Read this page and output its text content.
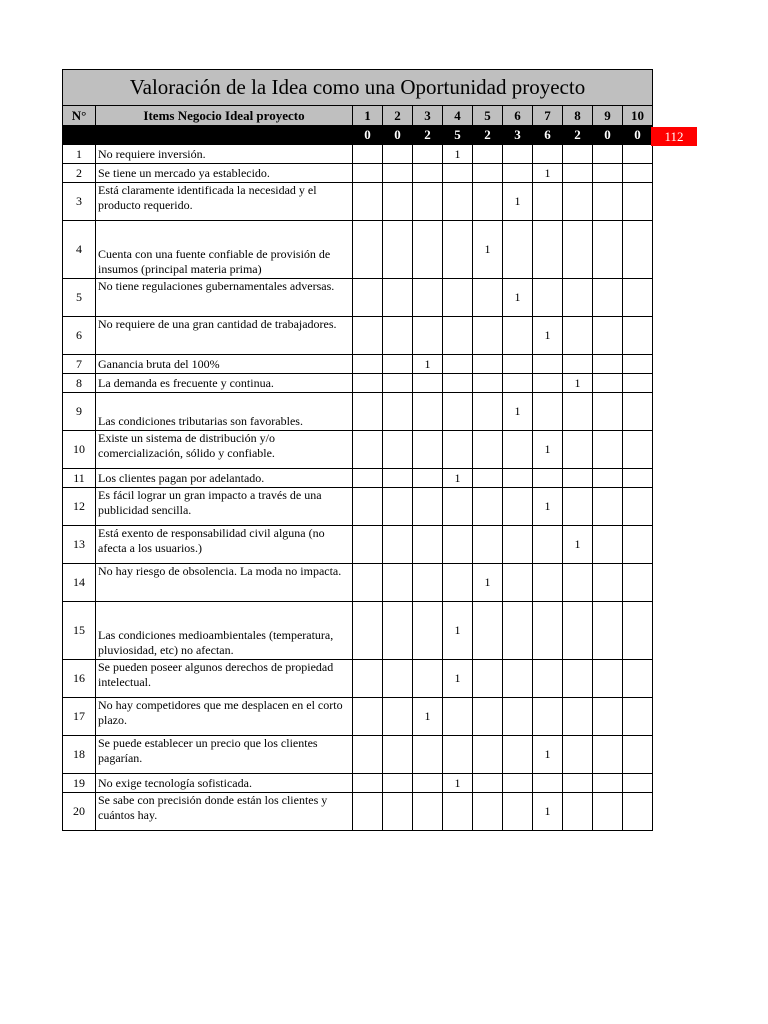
Valoración de la Idea como una Oportunidad proyecto											
N°	Items Negocio Ideal proyecto	1	2	3	4	5	6	7	8	9	10
		0	0	2	5	2	3	6	2	0	0
1	No requiere inversión.				1						
2	Se tiene un mercado ya establecido.							1			
3	Está claramente identificada la necesidad y el producto requerido.						1				
4	Cuenta con una fuente confiable de provisión de insumos (principal materia prima)					1					
5	No tiene regulaciones gubernamentales adversas.						1				
6	No requiere de una gran cantidad de trabajadores.							1			
7	Ganancia bruta del 100%			1							
8	La demanda es frecuente y continua.								1		
9	Las condiciones tributarias son favorables.						1				
10	Existe un sistema de distribución y/o comercialización, sólido y confiable.							1			
11	Los clientes pagan por adelantado.				1						
12	Es fácil lograr un gran impacto a través de una publicidad sencilla.							1			
13	Está exento de responsabilidad civil alguna (no afecta a los usuarios.)								1		
14	No hay riesgo de obsolencia. La moda no impacta.					1					
15	Las condiciones medioambientales (temperatura, pluviosidad, etc) no afectan.				1						
16	Se pueden poseer algunos derechos de propiedad intelectual.				1						
17	No hay competidores que me desplacen en el corto plazo.			1							
18	Se puede establecer un precio que los clientes pagarían.							1			
19	No exige tecnología sofisticada.				1						
20	Se sabe con precisión donde están los clientes y cuántos hay.							1			
112
